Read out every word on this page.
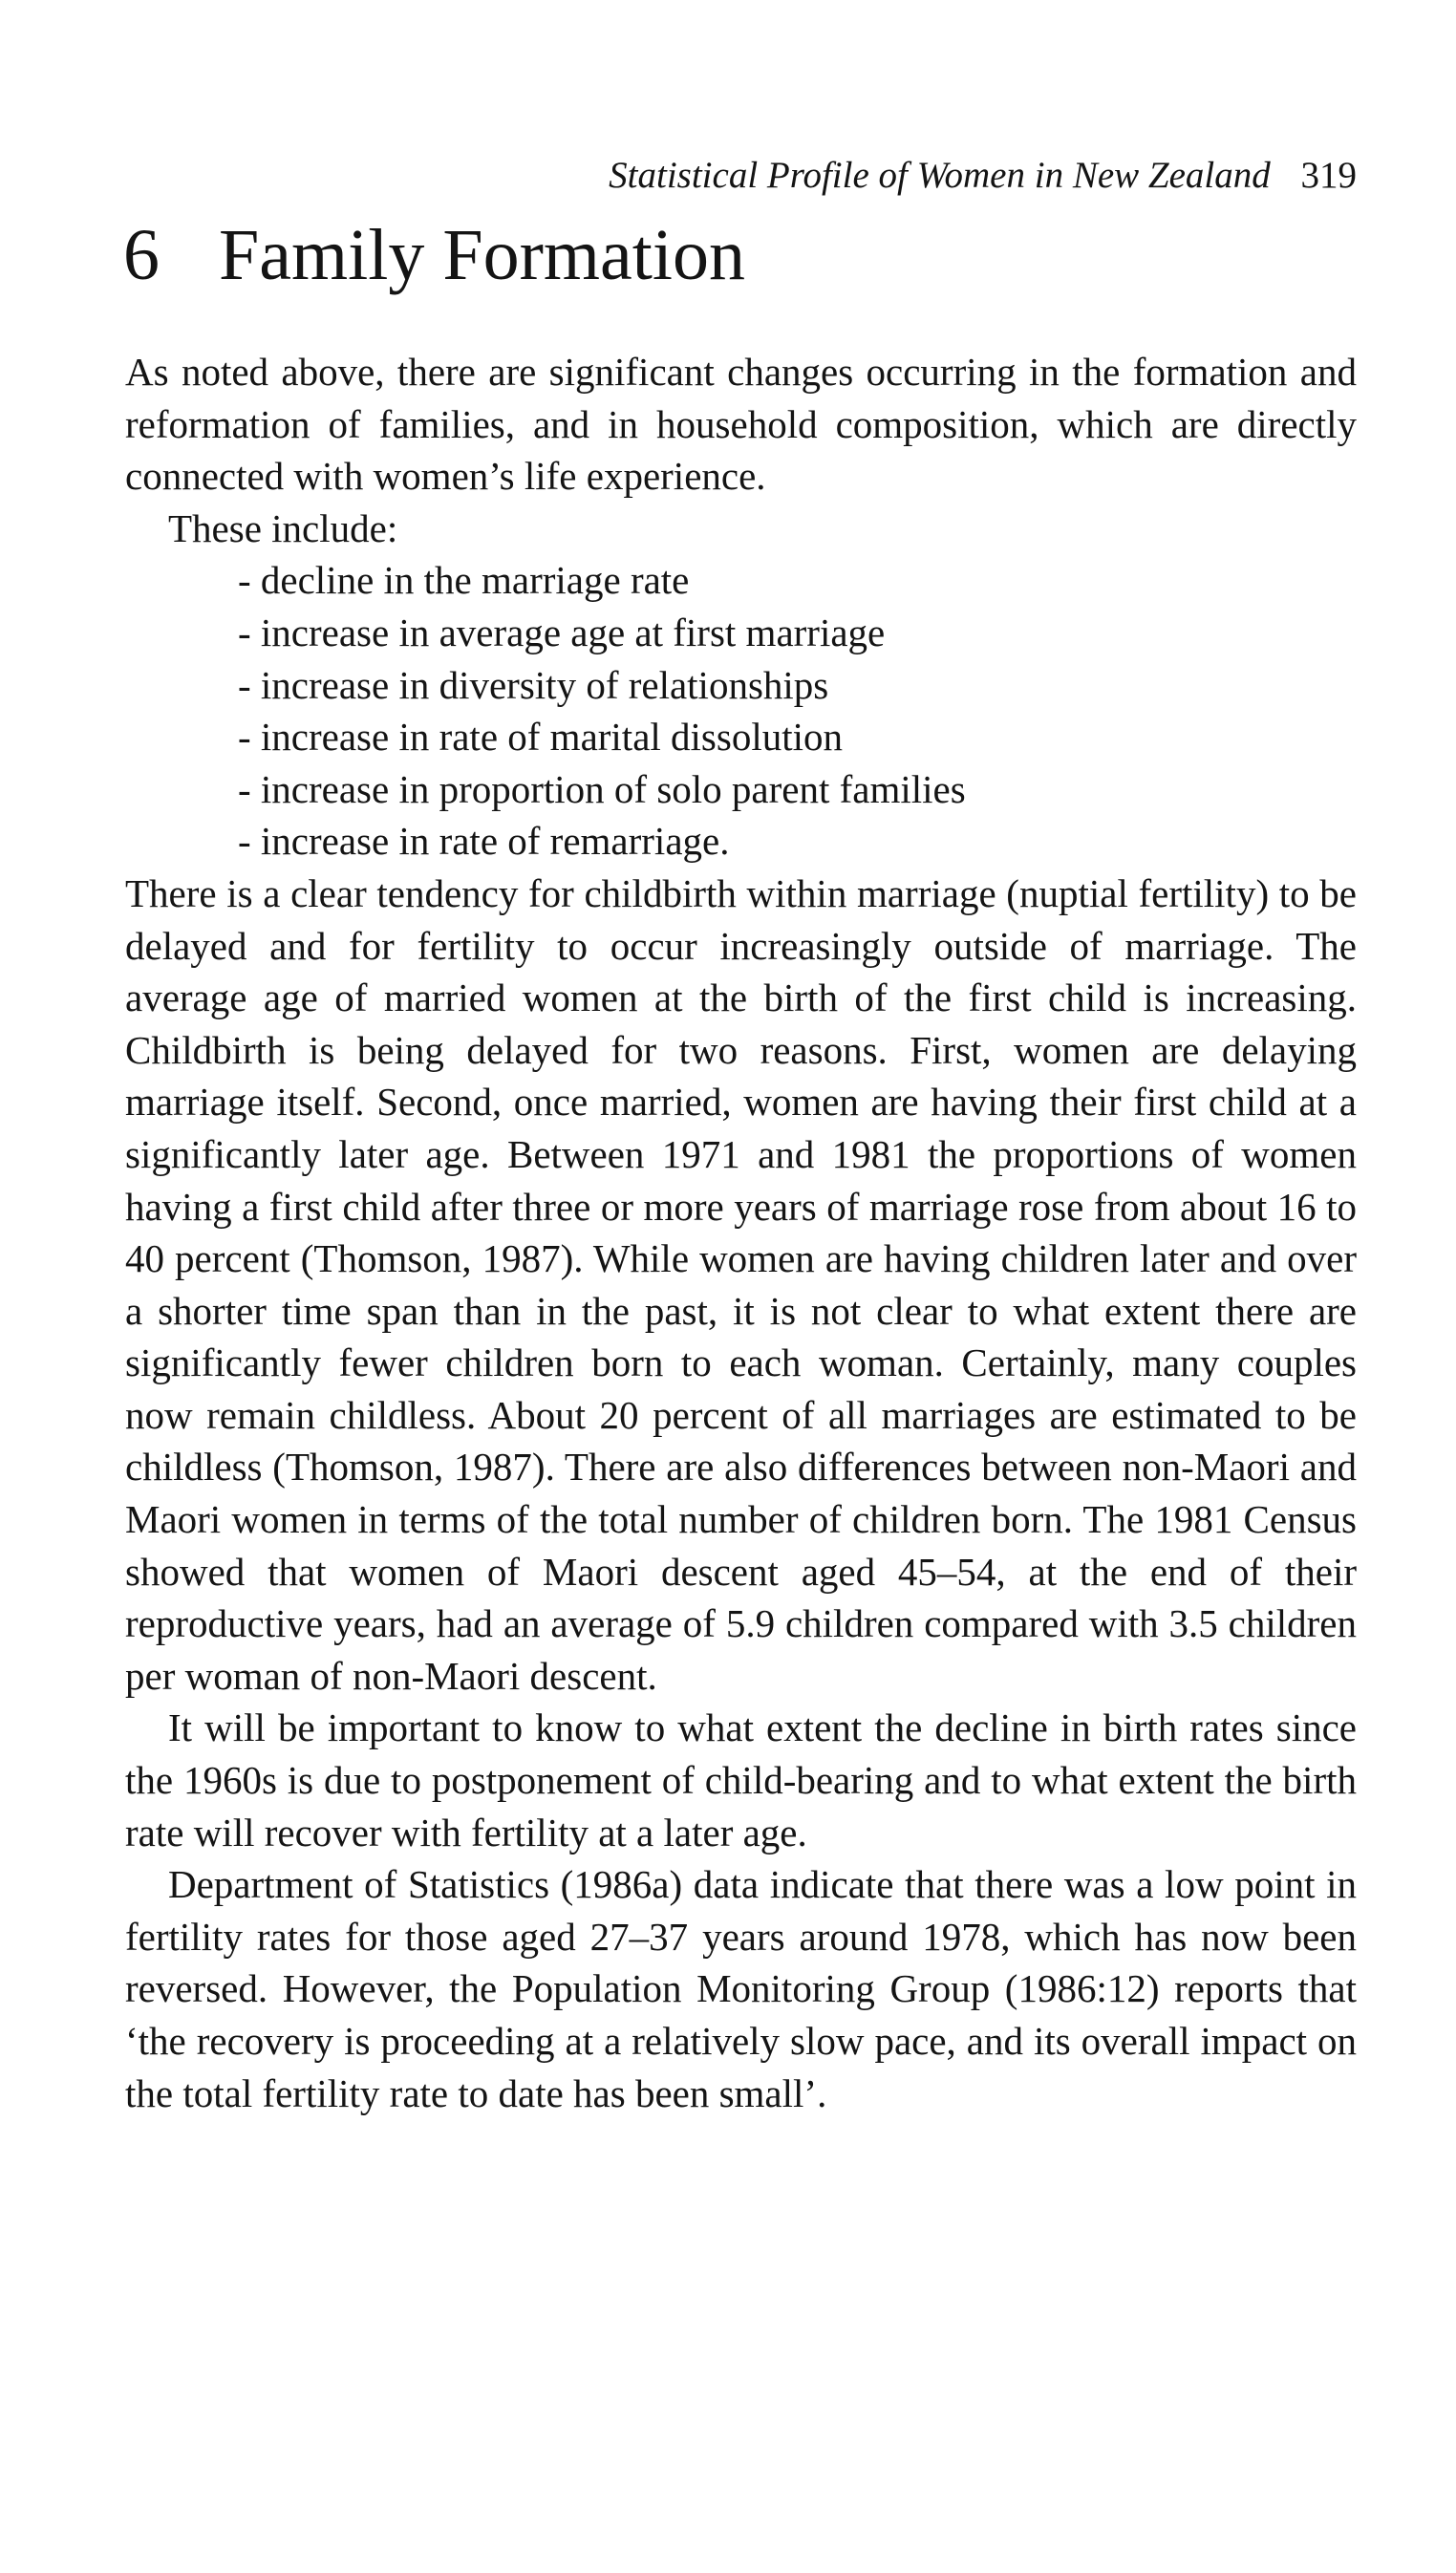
Statistical Profile of Women in New Zealand 319
6 Family Formation

As noted above, there are significant changes occurring in the formation and reformation of families, and in household composition, which are directly connected with women’s life experience.

These include:

- decline in the marriage rate
- increase in average age at first marriage
- increase in diversity of relationships
- increase in rate of marital dissolution
- increase in proportion of solo parent families
- increase in rate of remarriage.

There is a clear tendency for childbirth within marriage (nuptial fertility) to be delayed and for fertility to occur increasingly outside of marriage. The average age of married women at the birth of the first child is increasing. Childbirth is being delayed for two reasons. First, women are delaying marriage itself. Second, once married, women are having their first child at a significantly later age. Between 1971 and 1981 the proportions of women having a first child after three or more years of marriage rose from about 16 to 40 percent (Thomson, 1987). While women are having children later and over a shorter time span than in the past, it is not clear to what extent there are significantly fewer children born to each woman. Certainly, many couples now remain childless. About 20 percent of all marriages are estimated to be childless (Thomson, 1987). There are also differences between non-Maori and Maori women in terms of the total number of children born. The 1981 Census showed that women of Maori descent aged 45–54, at the end of their reproductive years, had an average of 5.9 children compared with 3.5 children per woman of non-Maori descent.

It will be important to know to what extent the decline in birth rates since the 1960s is due to postponement of child-bearing and to what extent the birth rate will recover with fertility at a later age.

Department of Statistics (1986a) data indicate that there was a low point in fertility rates for those aged 27–37 years around 1978, which has now been reversed. However, the Population Monitoring Group (1986:12) reports that ‘the recovery is proceeding at a relatively slow pace, and its overall impact on the total fertility rate to date has been small’.
